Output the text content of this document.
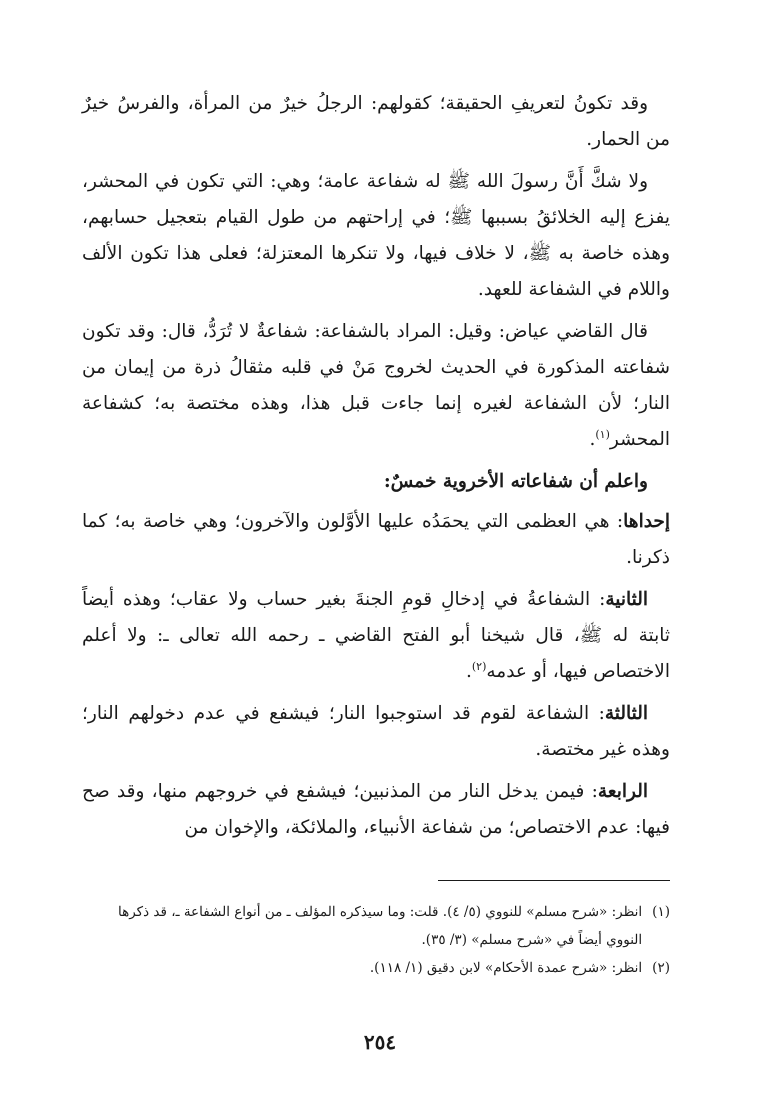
وقد تكونُ لتعريفِ الحقيقة؛ كقولهم: الرجلُ خيرٌ من المرأة، والفرسُ خيرٌ من الحمار.

ولا شكَّ أَنَّ رسولَ الله ﷺ له شفاعة عامة؛ وهي: التي تكون في المحشر، يفزع إليه الخلائقُ بسببها ﷺ؛ في إراحتهم من طول القيام بتعجيل حسابهم، وهذه خاصة به ﷺ، لا خلاف فيها، ولا تنكرها المعتزلة؛ فعلى هذا تكون الألف واللام في الشفاعة للعهد.

قال القاضي عياض: وقيل: المراد بالشفاعة: شفاعةٌ لا تُرَدُّ، قال: وقد تكون شفاعته المذكورة في الحديث لخروج مَنْ في قلبه مثقالُ ذرة من إيمان من النار؛ لأن الشفاعة لغيره إنما جاءت قبل هذا، وهذه مختصة به؛ كشفاعة المحشر$^{(١)}$.

واعلم أن شفاعاته الأخروية خمسٌ:

إحداها: هي العظمى التي يحمَدُه عليها الأوَّلون والآخرون؛ وهي خاصة به؛ كما ذكرنا.

الثانية: الشفاعةُ في إدخالِ قومِ الجنةَ بغير حساب ولا عقاب؛ وهذه أيضاً ثابتة له ﷺ، قال شيخنا أبو الفتح القاضي ـ رحمه الله تعالى ـ: ولا أعلم الاختصاص فيها، أو عدمه$^{(٢)}$.

الثالثة: الشفاعة لقوم قد استوجبوا النار؛ فيشفع في عدم دخولهم النار؛ وهذه غير مختصة.

الرابعة: فيمن يدخل النار من المذنبين؛ فيشفع في خروجهم منها، وقد صح فيها: عدم الاختصاص؛ من شفاعة الأنبياء، والملائكة، والإخوان من

(١)
انظر: «شرح مسلم» للنووي (٥/ ٤). قلت: وما سيذكره المؤلف ـ من أنواع الشفاعة ـ، قد ذكرها النووي أيضاً في «شرح مسلم» (٣/ ٣٥).
(٢)
انظر: «شرح عمدة الأحكام» لابن دقيق (١/ ١١٨).
٢٥٤
